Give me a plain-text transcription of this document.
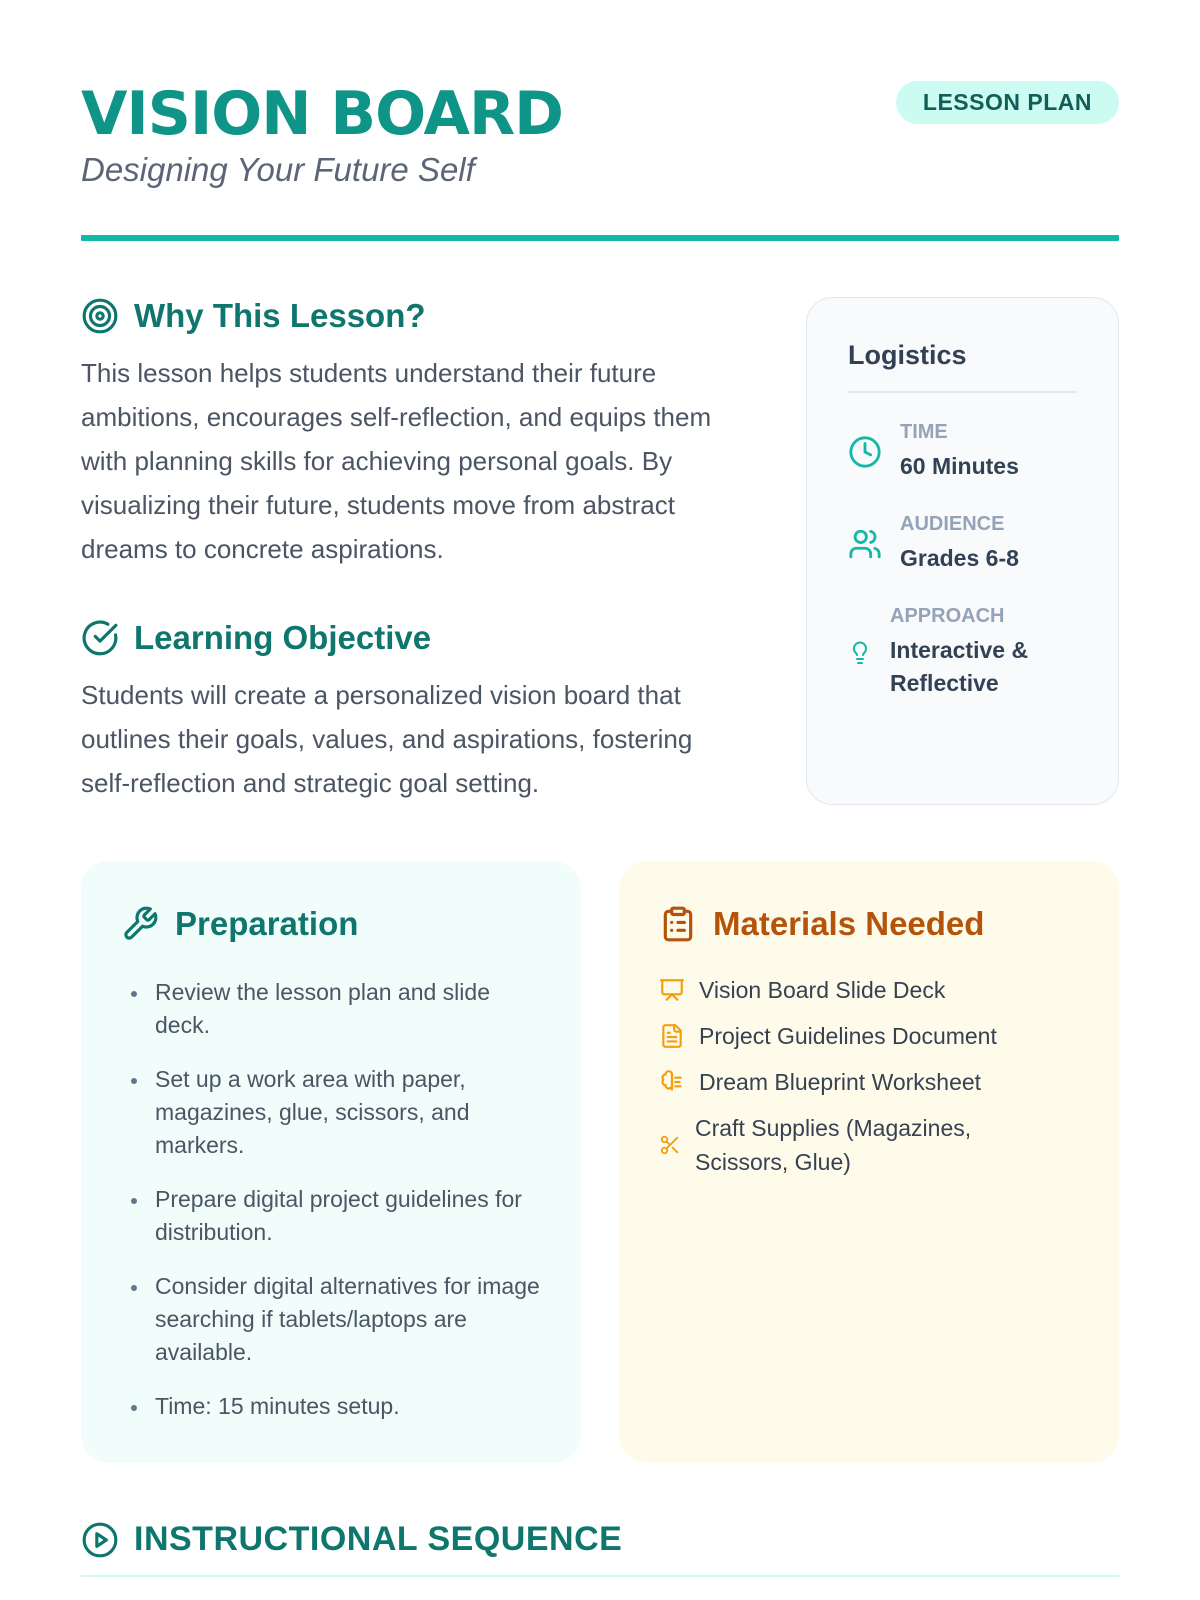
VISION BOARD
Designing Your Future Self
LESSON PLAN
Why This Lesson?

This lesson helps students understand their future ambitions, encourages self-reflection, and equips them with planning skills for achieving personal goals. By visualizing their future, students move from abstract dreams to concrete aspirations.

Learning Objective

Students will create a personalized vision board that outlines their goals, values, and aspirations, fostering self-reflection and strategic goal setting.

Logistics
TIME
60 Minutes
AUDIENCE
Grades 6-8
APPROACH
Interactive & Reflective
Preparation
Review the lesson plan and slide deck.
Set up a work area with paper, magazines, glue, scissors, and markers.
Prepare digital project guidelines for distribution.
Consider digital alternatives for image searching if tablets/laptops are available.
Time: 15 minutes setup.
Materials Needed
Vision Board Slide Deck
Project Guidelines Document
Dream Blueprint Worksheet
Craft Supplies (Magazines, Scissors, Glue)
INSTRUCTIONAL SEQUENCE
